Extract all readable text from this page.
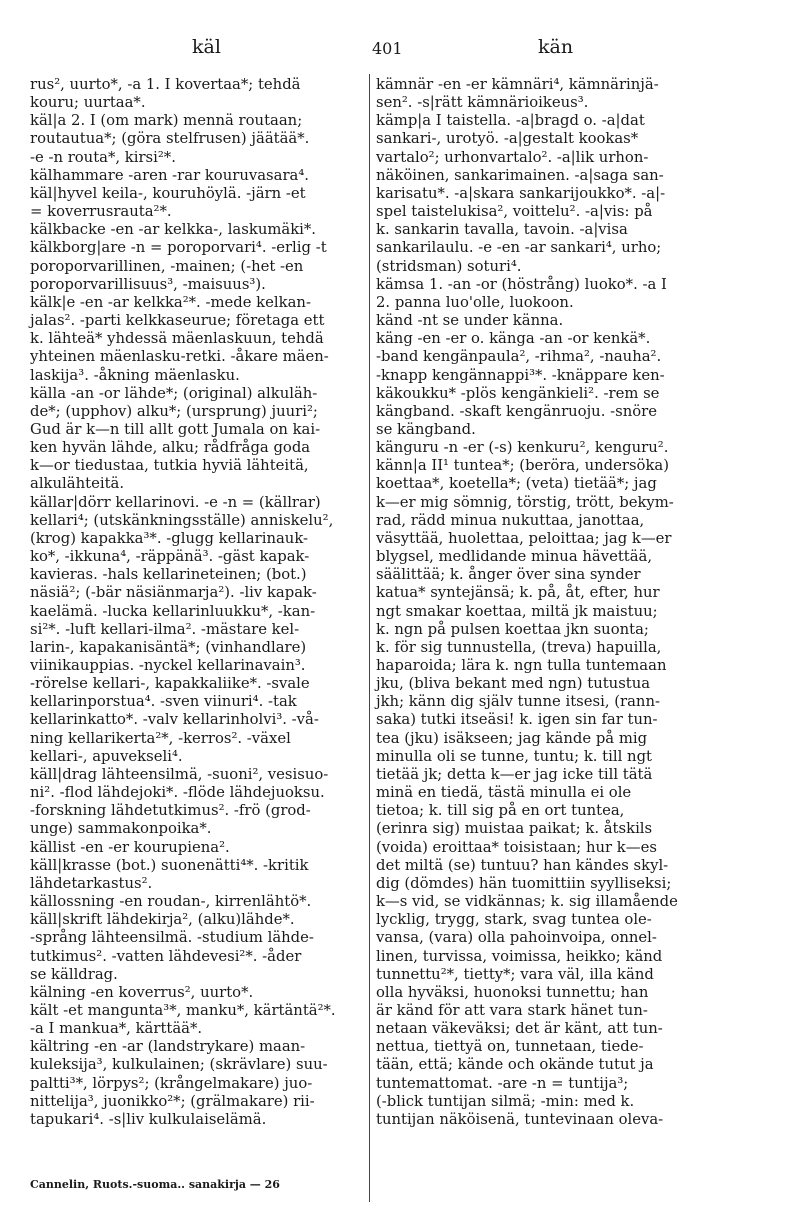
käl	401	kän

rus², uurto*, -a 1. I kovertaa*; tehdä

kouru; uurtaa*.

käl|a 2. I (om mark) mennä routaan;

routautua*; (göra stelfrusen) jäätää*.

-e -n routa*, kirsi²*.

kälhammare -aren -rar kouruvasara⁴.

käl|hyvel keila-, kouruhöylä. -järn -et

= koverrusrauta²*.

kälkbacke -en -ar kelkka-, laskumäki*.

kälkborg|are -n = poroporvari⁴. -erlig -t

poroporvarillinen, -mainen; (-het -en

poroporvarillisuus³, -maisuus³).

kälk|e -en -ar kelkka²*. -mede kelkan-

jalas². -parti kelkkaseurue; företaga ett

k. lähteä* yhdessä mäenlaskuun, tehdä

yhteinen mäenlasku-retki. -åkare mäen-

laskija³. -åkning mäenlasku.

källa -an -or lähde*; (original) alkuläh-

de*; (upphov) alku*; (ursprung) juuri²;

Gud är k—n till allt gott Jumala on kai-

ken hyvän lähde, alku; rådfråga goda

k—or tiedustaa, tutkia hyviä lähteitä,

alkulähteitä.

källar|dörr kellarinovi. -e -n = (källrar)

kellari⁴; (utskänkningsställe) anniskelu²,

(krog) kapakka³*. -glugg kellarinauk-

ko*, -ikkuna⁴, -räppänä³. -gäst kapak-

kavieras. -hals kellarineteinen; (bot.)

näsiä²; (-bär näsiänmarja²). -liv kapak-

kaelämä. -lucka kellarinluukku*, -kan-

si²*. -luft kellari-ilma². -mästare kel-

larin-, kapakanisäntä*; (vinhandlare)

viinikauppias. -nyckel kellarinavain³.

-rörelse kellari-, kapakkaliike*. -svale

kellarinporstua⁴. -sven viinuri⁴. -tak

kellarinkatto*. -valv kellarinholvi³. -vå-

ning kellarikerta²*, -kerros². -växel

kellari-, apuvekseli⁴.

käll|drag lähteensilmä, -suoni², vesisuo-

ni². -flod lähdejoki*. -flöde lähdejuoksu.

-forskning lähdetutkimus². -frö (grod-

unge) sammakonpoika*.

källist -en -er kourupiena².

käll|krasse (bot.) suonenätti⁴*. -kritik

lähdetarkastus².

källossning -en roudan-, kirrenlähtö*.

käll|skrift lähdekirja², (alku)lähde*.

-språng lähteensilmä. -studium lähde-

tutkimus². -vatten lähdevesi²*. -åder

se källdrag.

kälning -en koverrus², uurto*.

kält -et mangunta³*, manku*, kärtäntä²*.

-a I mankua*, kärttää*.

kältring -en -ar (landstrykare) maan-

kuleksija³, kulkulainen; (skrävlare) suu-

paltti³*, lörpys²; (krångelmakare) juo-

nittelija³, juonikko²*; (grälmakare) rii-

tapukari⁴. -s|liv kulkulaiselämä.

kämnär -en -er kämnäri⁴, kämnärinjä-

sen². -s|rätt kämnärioikeus³.

kämp|a I taistella. -a|bragd o. -a|dat

sankari-, urotyö. -a|gestalt kookas*

vartalo²; urhonvartalo². -a|lik urhon-

näköinen, sankarimainen. -a|saga san-

karisatu*. -a|skara sankarijoukko*. -a|-

spel taistelukisa², voittelu². -a|vis: på

k. sankarin tavalla, tavoin. -a|visa

sankarilaulu. -e -en -ar sankari⁴, urho;

(stridsman) soturi⁴.

kämsa 1. -an -or (höstrång) luoko*. -a I

2. panna luo'olle, luokoon.

känd -nt se under känna.

käng -en -er o. känga -an -or kenkä*.

-band kengänpaula², -rihma², -nauha².

-knapp kengännappi³*. -knäppare ken-

käkoukku* -plös kengänkieli². -rem se

kängband. -skaft kengänruoju. -snöre

se kängband.

känguru -n -er (-s) kenkuru², kenguru².

känn|a II¹ tuntea*; (beröra, undersöka)

koettaa*, koetella*; (veta) tietää*; jag

k—er mig sömnig, törstig, trött, bekym-

rad, rädd minua nukuttaa, janottaa,

väsyttää, huolettaa, peloittaa; jag k—er

blygsel, medlidande minua hävettää,

säälittää; k. ånger över sina synder

katua* syntejänsä; k. på, åt, efter, hur

ngt smakar koettaa, miltä jk maistuu;

k. ngn på pulsen koettaa jkn suonta;

k. för sig tunnustella, (treva) hapuilla,

haparoida; lära k. ngn tulla tuntemaan

jku, (bliva bekant med ngn) tutustua

jkh; känn dig själv tunne itsesi, (rann-

saka) tutki itseäsi! k. igen sin far tun-

tea (jku) isäkseen; jag kände på mig

minulla oli se tunne, tuntu; k. till ngt

tietää jk; detta k—er jag icke till tätä

minä en tiedä, tästä minulla ei ole

tietoa; k. till sig på en ort tuntea,

(erinra sig) muistaa paikat; k. åtskils

(voida) eroittaa* toisistaan; hur k—es

det miltä (se) tuntuu? han kändes skyl-

dig (dömdes) hän tuomittiin syylliseksi;

k—s vid, se vidkännas; k. sig illamående

lycklig, trygg, stark, svag tuntea ole-

vansa, (vara) olla pahoinvoipa, onnel-

linen, turvissa, voimissa, heikko; känd

tunnettu²*, tietty*; vara väl, illa känd

olla hyväksi, huonoksi tunnettu; han

är känd för att vara stark hänet tun-

netaan väkeväksi; det är känt, att tun-

nettua, tiettyä on, tunnetaan, tiede-

tään, että; kände och okände tutut ja

tuntemattomat. -are -n = tuntija³;

(-blick tuntijan silmä; -min: med k.

tuntijan näköisenä, tuntevinaan oleva-

Cannelin, Ruots.-suoma.. sanakirja — 26
